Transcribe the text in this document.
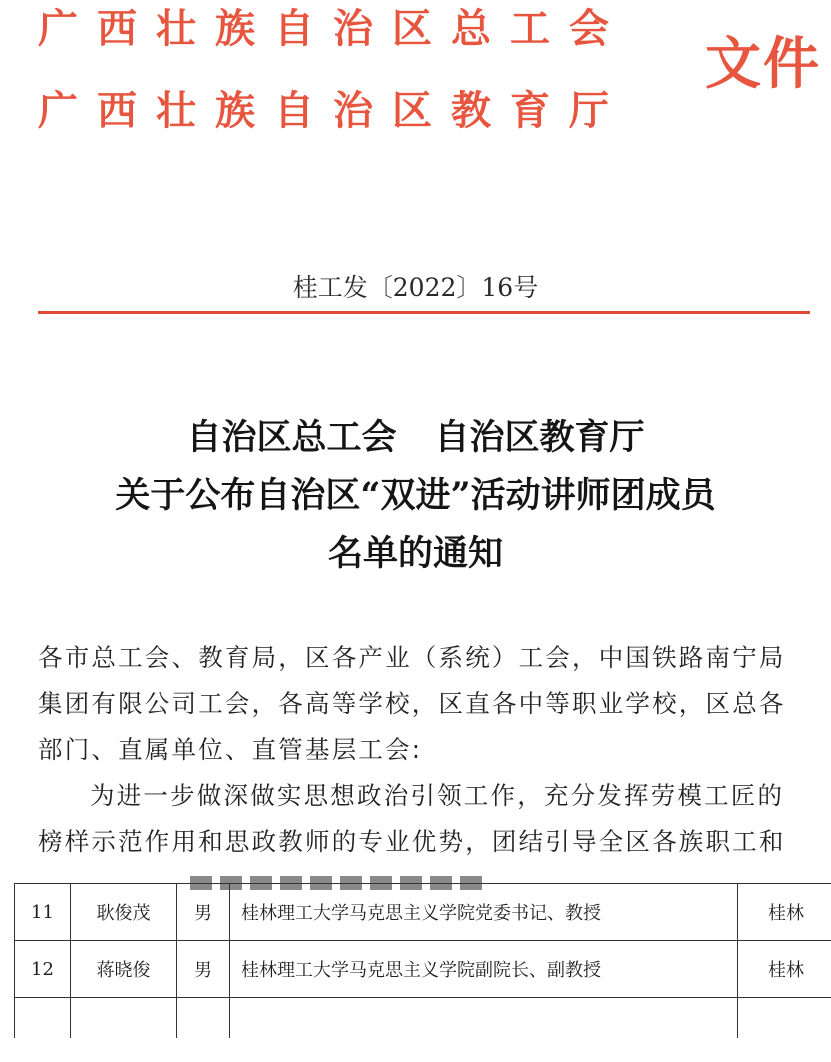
广西壮族自治区总工会
广西壮族自治区教育厅
文件
桂工发〔2022〕16号
自治区总工会 自治区教育厅
关于公布自治区“双进”活动讲师团成员
名单的通知
各市总工会、教育局，区各产业（系统）工会，中国铁路南宁局
集团有限公司工会，各高等学校，区直各中等职业学校，区总各
部门、直属单位、直管基层工会:
为进一步做深做实思想政治引领工作，充分发挥劳模工匠的
榜样示范作用和思政教师的专业优势，团结引导全区各族职工和
11	耿俊茂	男	桂林理工大学马克思主义学院党委书记、教授	桂林
12	蒋晓俊	男	桂林理工大学马克思主义学院副院长、副教授	桂林
